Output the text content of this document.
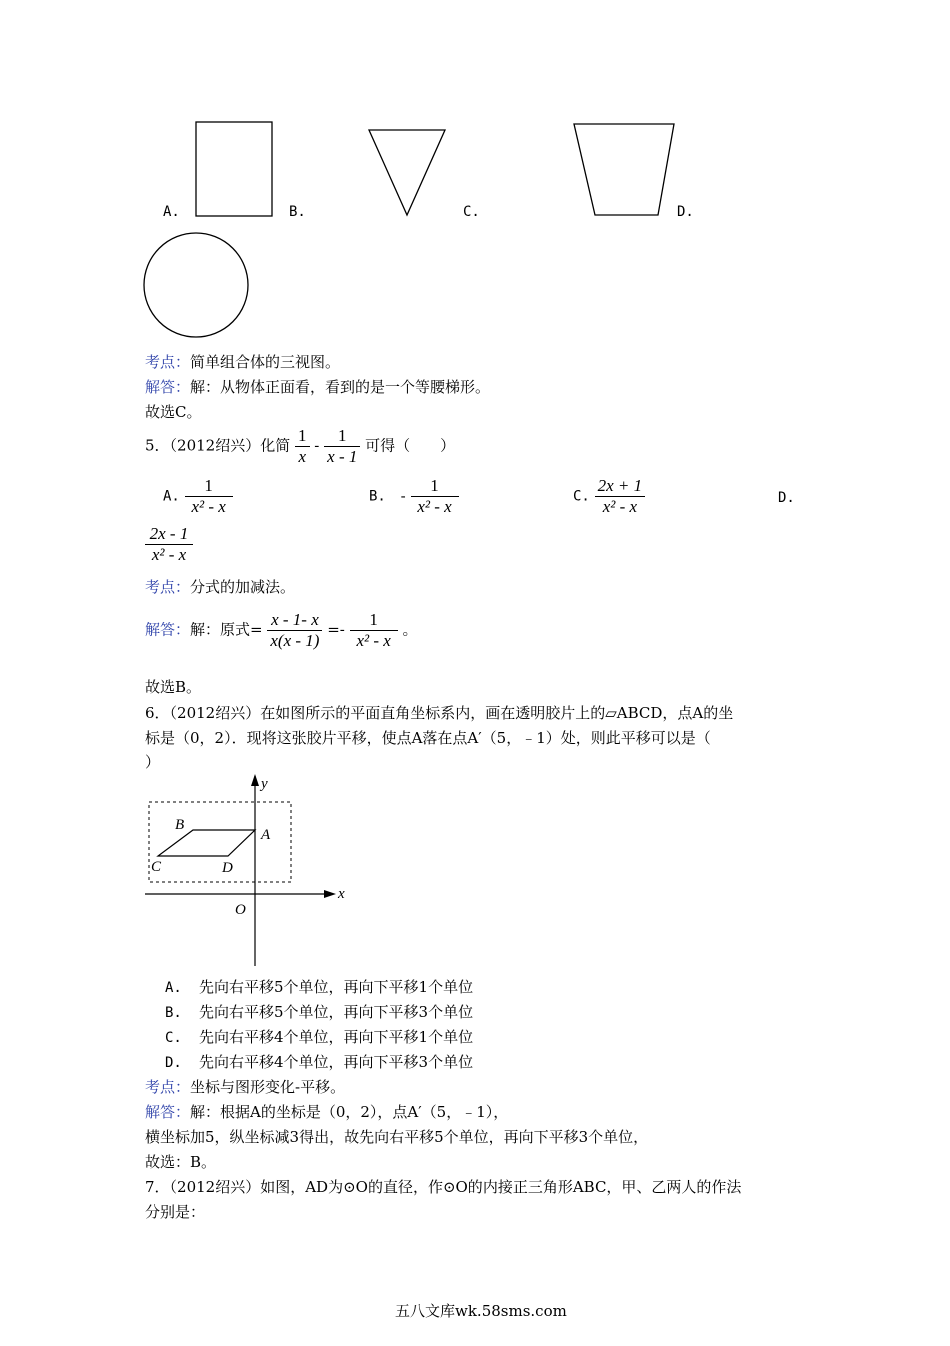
A.	B.	C.	D.
考点：简单组合体的三视图。
解答：解：从物体正面看，看到的是一个等腰梯形。
故选C。
5．（2012绍兴）化简 $\frac{1}{x} - \frac{1}{x - 1}$ 可得（　　）
A. $\frac{1}{\text{x² - x}}$	B. - $\frac{1}{\text{x² - x}}$	C. $\frac{2x + 1}{\text{x² - x}}$	D.
$\frac{2x - 1}{\text{x² - x}}$
考点：分式的加减法。
解答：解：原式= $\frac{x - 1- x}{x(x - 1)} =- \frac{1}{\text{x² - x}}$ 。
故选B。
6．（2012绍兴）在如图所示的平面直角坐标系内，画在透明胶片上的▱ABCD，点A的坐
标是（0，2）．现将这张胶片平移，使点A落在点A′（5，﹣1）处，则此平移可以是（
）
y
x
O
A
B
C	D
A. 先向右平移5个单位，再向下平移1个单位
B. 先向右平移5个单位，再向下平移3个单位
C. 先向右平移4个单位，再向下平移1个单位
D. 先向右平移4个单位，再向下平移3个单位
考点：坐标与图形变化-平移。
解答：解：根据A的坐标是（0，2），点A′（5，﹣1），
横坐标加5，纵坐标减3得出，故先向右平移5个单位，再向下平移3个单位，
故选：B。
7．（2012绍兴）如图，AD为⊙O的直径，作⊙O的内接正三角形ABC，甲、乙两人的作法
分别是：
五八文库wk.58sms.com
